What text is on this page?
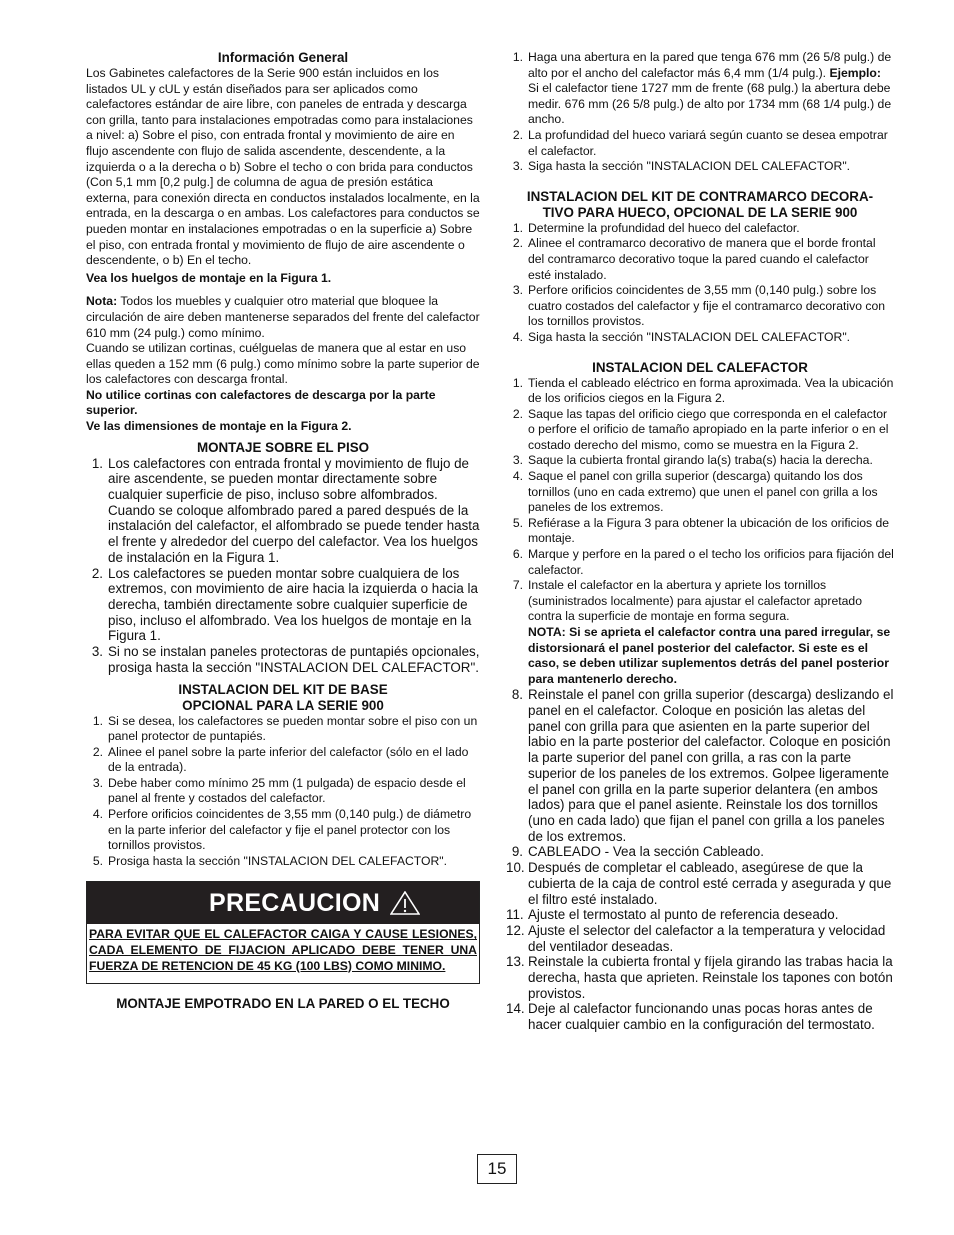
Información General

Los Gabinetes calefactores de la Serie 900 están incluidos en los listados UL y cUL y están diseñados para ser aplicados como calefactores estándar de aire libre, con paneles de entrada y descarga con grilla, tanto para instalaciones empotradas como para instalaciones a nivel: a) Sobre el piso, con entrada frontal y movimiento de aire en flujo ascendente con flujo de salida ascendente, descendente, a la izquierda o a la derecha o b) Sobre el techo o con brida para conductos (Con 5,1 mm [0,2 pulg.] de columna de agua de presión estática externa, para conexión directa en conductos instalados localmente, en la entrada, en la descarga o en ambas. Los calefactores para conductos se pueden montar en instalaciones empotradas o en la superficie a) Sobre el piso, con entrada frontal y movimiento de flujo de aire ascendente o descendente, o b) En el techo.

Vea los huelgos de montaje en la Figura 1.

Nota: Todos los muebles y cualquier otro material que bloquee la circulación de aire deben mantenerse separados del frente del calefactor 610 mm (24 pulg.) como mínimo.

Cuando se utilizan cortinas, cuélguelas de manera que al estar en uso ellas queden a 152 mm (6 pulg.) como mínimo sobre la parte superior de los calefactores con descarga frontal.

No utilice cortinas con calefactores de descarga por la parte superior.

Ve las dimensiones de montaje en la Figura 2.

MONTAJE SOBRE EL PISO
1. Los calefactores con entrada frontal y movimiento de flujo de aire ascendente, se pueden montar directamente sobre cualquier superficie de piso, incluso sobre alfombrados. Cuando se coloque alfombrado pared a pared después de la instalación del calefactor, el alfombrado se puede tender hasta el frente y alrededor del cuerpo del calefactor. Vea los huelgos de instalación en la Figura 1.
2. Los calefactores se pueden montar sobre cualquiera de los extremos, con movimiento de aire hacia la izquierda o hacia la derecha, también directamente sobre cualquier superficie de piso, incluso el alfombrado. Vea los huelgos de montaje en la Figura 1.
3. Si no se instalan paneles protectoras de puntapiés opcionales, prosiga hasta la sección "INSTALACION DEL CALEFACTOR".
INSTALACION DEL KIT DE BASE
OPCIONAL PARA LA SERIE 900
1. Si se desea, los calefactores se pueden montar sobre el piso con un panel protector de puntapiés.
2. Alinee el panel sobre la parte inferior del calefactor (sólo en el lado de la entrada).
3. Debe haber como mínimo 25 mm (1 pulgada) de espacio desde el panel al frente y costados del calefactor.
4. Perfore orificios coincidentes de 3,55 mm (0,140 pulg.) de diámetro en la parte inferior del calefactor y fije el panel protector con los tornillos provistos.
5. Prosiga hasta la sección "INSTALACION DEL CALEFACTOR".
PRECAUCION
PARA EVITAR QUE EL CALEFACTOR CAIGA Y CAUSE LESIONES, CADA ELEMENTO DE FIJACION APLICADO DEBE TENER UNA FUERZA DE RETENCION DE 45 KG (100 LBS) COMO MINIMO.
MONTAJE EMPOTRADO EN LA PARED O EL TECHO
1. Haga una abertura en la pared que tenga 676 mm (26 5/8 pulg.) de alto por el ancho del calefactor más 6,4 mm (1/4 pulg.). Ejemplo: Si el calefactor tiene 1727 mm de frente (68 pulg.) la abertura debe medir. 676 mm (26 5/8 pulg.) de alto por 1734 mm (68 1/4 pulg.) de ancho.
2. La profundidad del hueco variará según cuanto se desea empotrar el calefactor.
3. Siga hasta la sección "INSTALACION DEL CALEFACTOR".
INSTALACION DEL KIT DE CONTRAMARCO DECORA-
TIVO PARA HUECO, OPCIONAL DE LA SERIE 900
1. Determine la profundidad del hueco del calefactor.
2. Alinee el contramarco decorativo de manera que el borde frontal del contramarco decorativo toque la pared cuando el calefactor esté instalado.
3. Perfore orificios coincidentes de 3,55 mm (0,140 pulg.) sobre los cuatro costados del calefactor y fije el contramarco decorativo con los tornillos provistos.
4. Siga hasta la sección "INSTALACION DEL CALEFACTOR".
INSTALACION DEL CALEFACTOR
1. Tienda el cableado eléctrico en forma aproximada. Vea la ubicación de los orificios ciegos en la Figura 2.
2. Saque las tapas del orificio ciego que corresponda en el calefactor o perfore el orificio de tamaño apropiado en la parte inferior o en el costado derecho del mismo, como se muestra en la Figura 2.
3. Saque la cubierta frontal girando la(s) traba(s) hacia la derecha.
4. Saque el panel con grilla superior (descarga) quitando los dos tornillos (uno en cada extremo) que unen el panel con grilla a los paneles de los extremos.
5. Refiérase a la Figura 3 para obtener la ubicación de los orificios de montaje.
6. Marque y perfore en la pared o el techo los orificios para fijación del calefactor.
7. Instale el calefactor en la abertura y apriete los tornillos (suministrados localmente) para ajustar el calefactor apretado contra la superficie de montaje en forma segura.
NOTA: Si se aprieta el calefactor contra una pared irregular, se distorsionará el panel posterior del calefactor. Si este es el caso, se deben utilizar suplementos detrás del panel posterior para mantenerlo derecho.
8. Reinstale el panel con grilla superior (descarga) deslizando el panel en el calefactor. Coloque en posición las aletas del panel con grilla para que asienten en la parte superior del labio en la parte posterior del calefactor. Coloque en posición la parte superior del panel con grilla, a ras con la parte superior de los paneles de los extremos. Golpee ligeramente el panel con grilla en la parte superior delantera (en ambos lados) para que el panel asiente. Reinstale los dos tornillos (uno en cada lado) que fijan el panel con grilla a los paneles de los extremos.
9. CABLEADO - Vea la sección Cableado.
10. Después de completar el cableado, asegúrese de que la cubierta de la caja de control esté cerrada y asegurada y que el filtro esté instalado.
11. Ajuste el termostato al punto de referencia deseado.
12. Ajuste el selector del calefactor a la temperatura y velocidad del ventilador deseadas.
13. Reinstale la cubierta frontal y fíjela girando las trabas hacia la derecha, hasta que aprieten. Reinstale los tapones con botón provistos.
14. Deje al calefactor funcionando unas pocas horas antes de hacer cualquier cambio en la configuración del termostato.
15
